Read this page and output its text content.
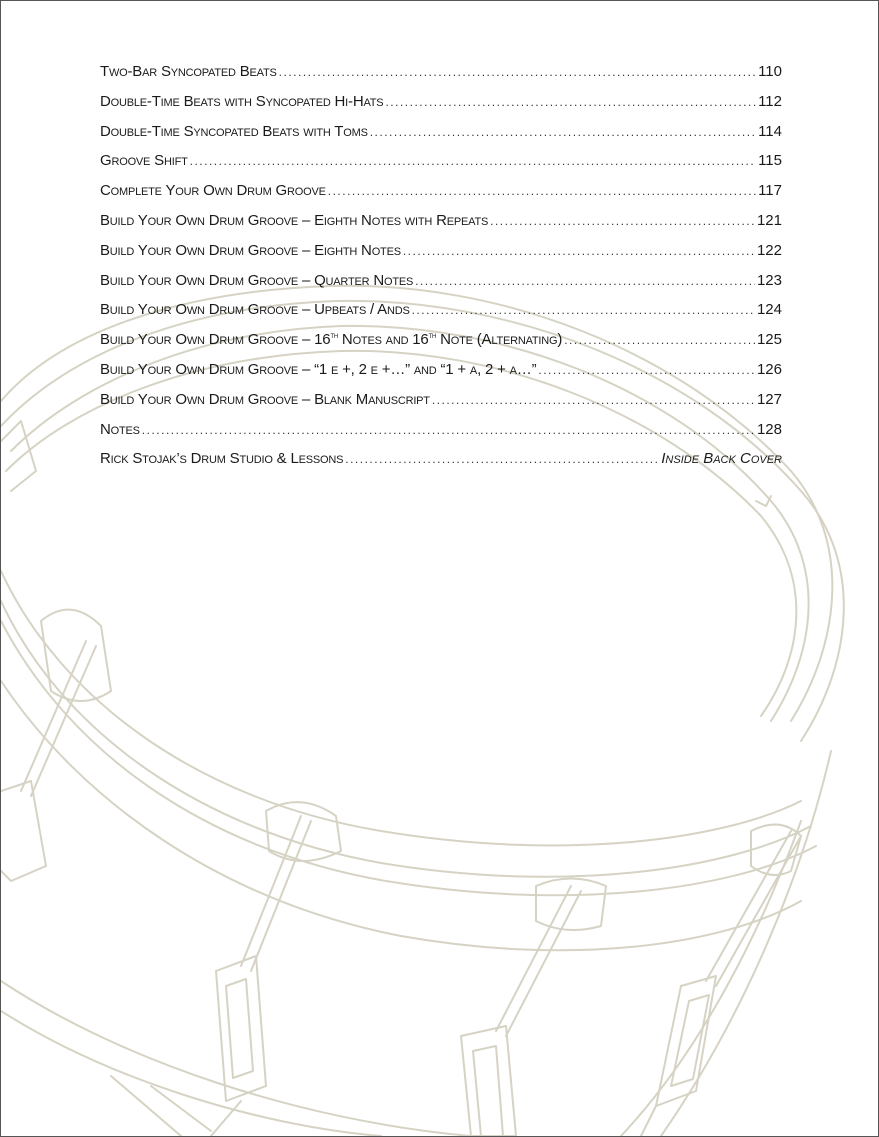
Two-Bar Syncopated Beats .....	110
Double-Time Beats with Syncopated Hi-Hats .....	112
Double-Time Syncopated Beats with Toms .....	114
Groove Shift .....	115
Complete Your Own Drum Groove .....	117
Build Your Own Drum Groove – Eighth Notes with Repeats .....	121
Build Your Own Drum Groove – Eighth Notes .....	122
Build Your Own Drum Groove – Quarter Notes .....	123
Build Your Own Drum Groove – Upbeats / Ands .....	124
Build Your Own Drum Groove – 16th Notes and 16th Note (Alternating) .....	125
Build Your Own Drum Groove – “1 e +, 2 e +…” and “1 + a, 2 + a…” .....	126
Build Your Own Drum Groove – Blank Manuscript .....	127
Notes .....	128
Rick Stojak’s Drum Studio & Lessons .....	Inside Back Cover
